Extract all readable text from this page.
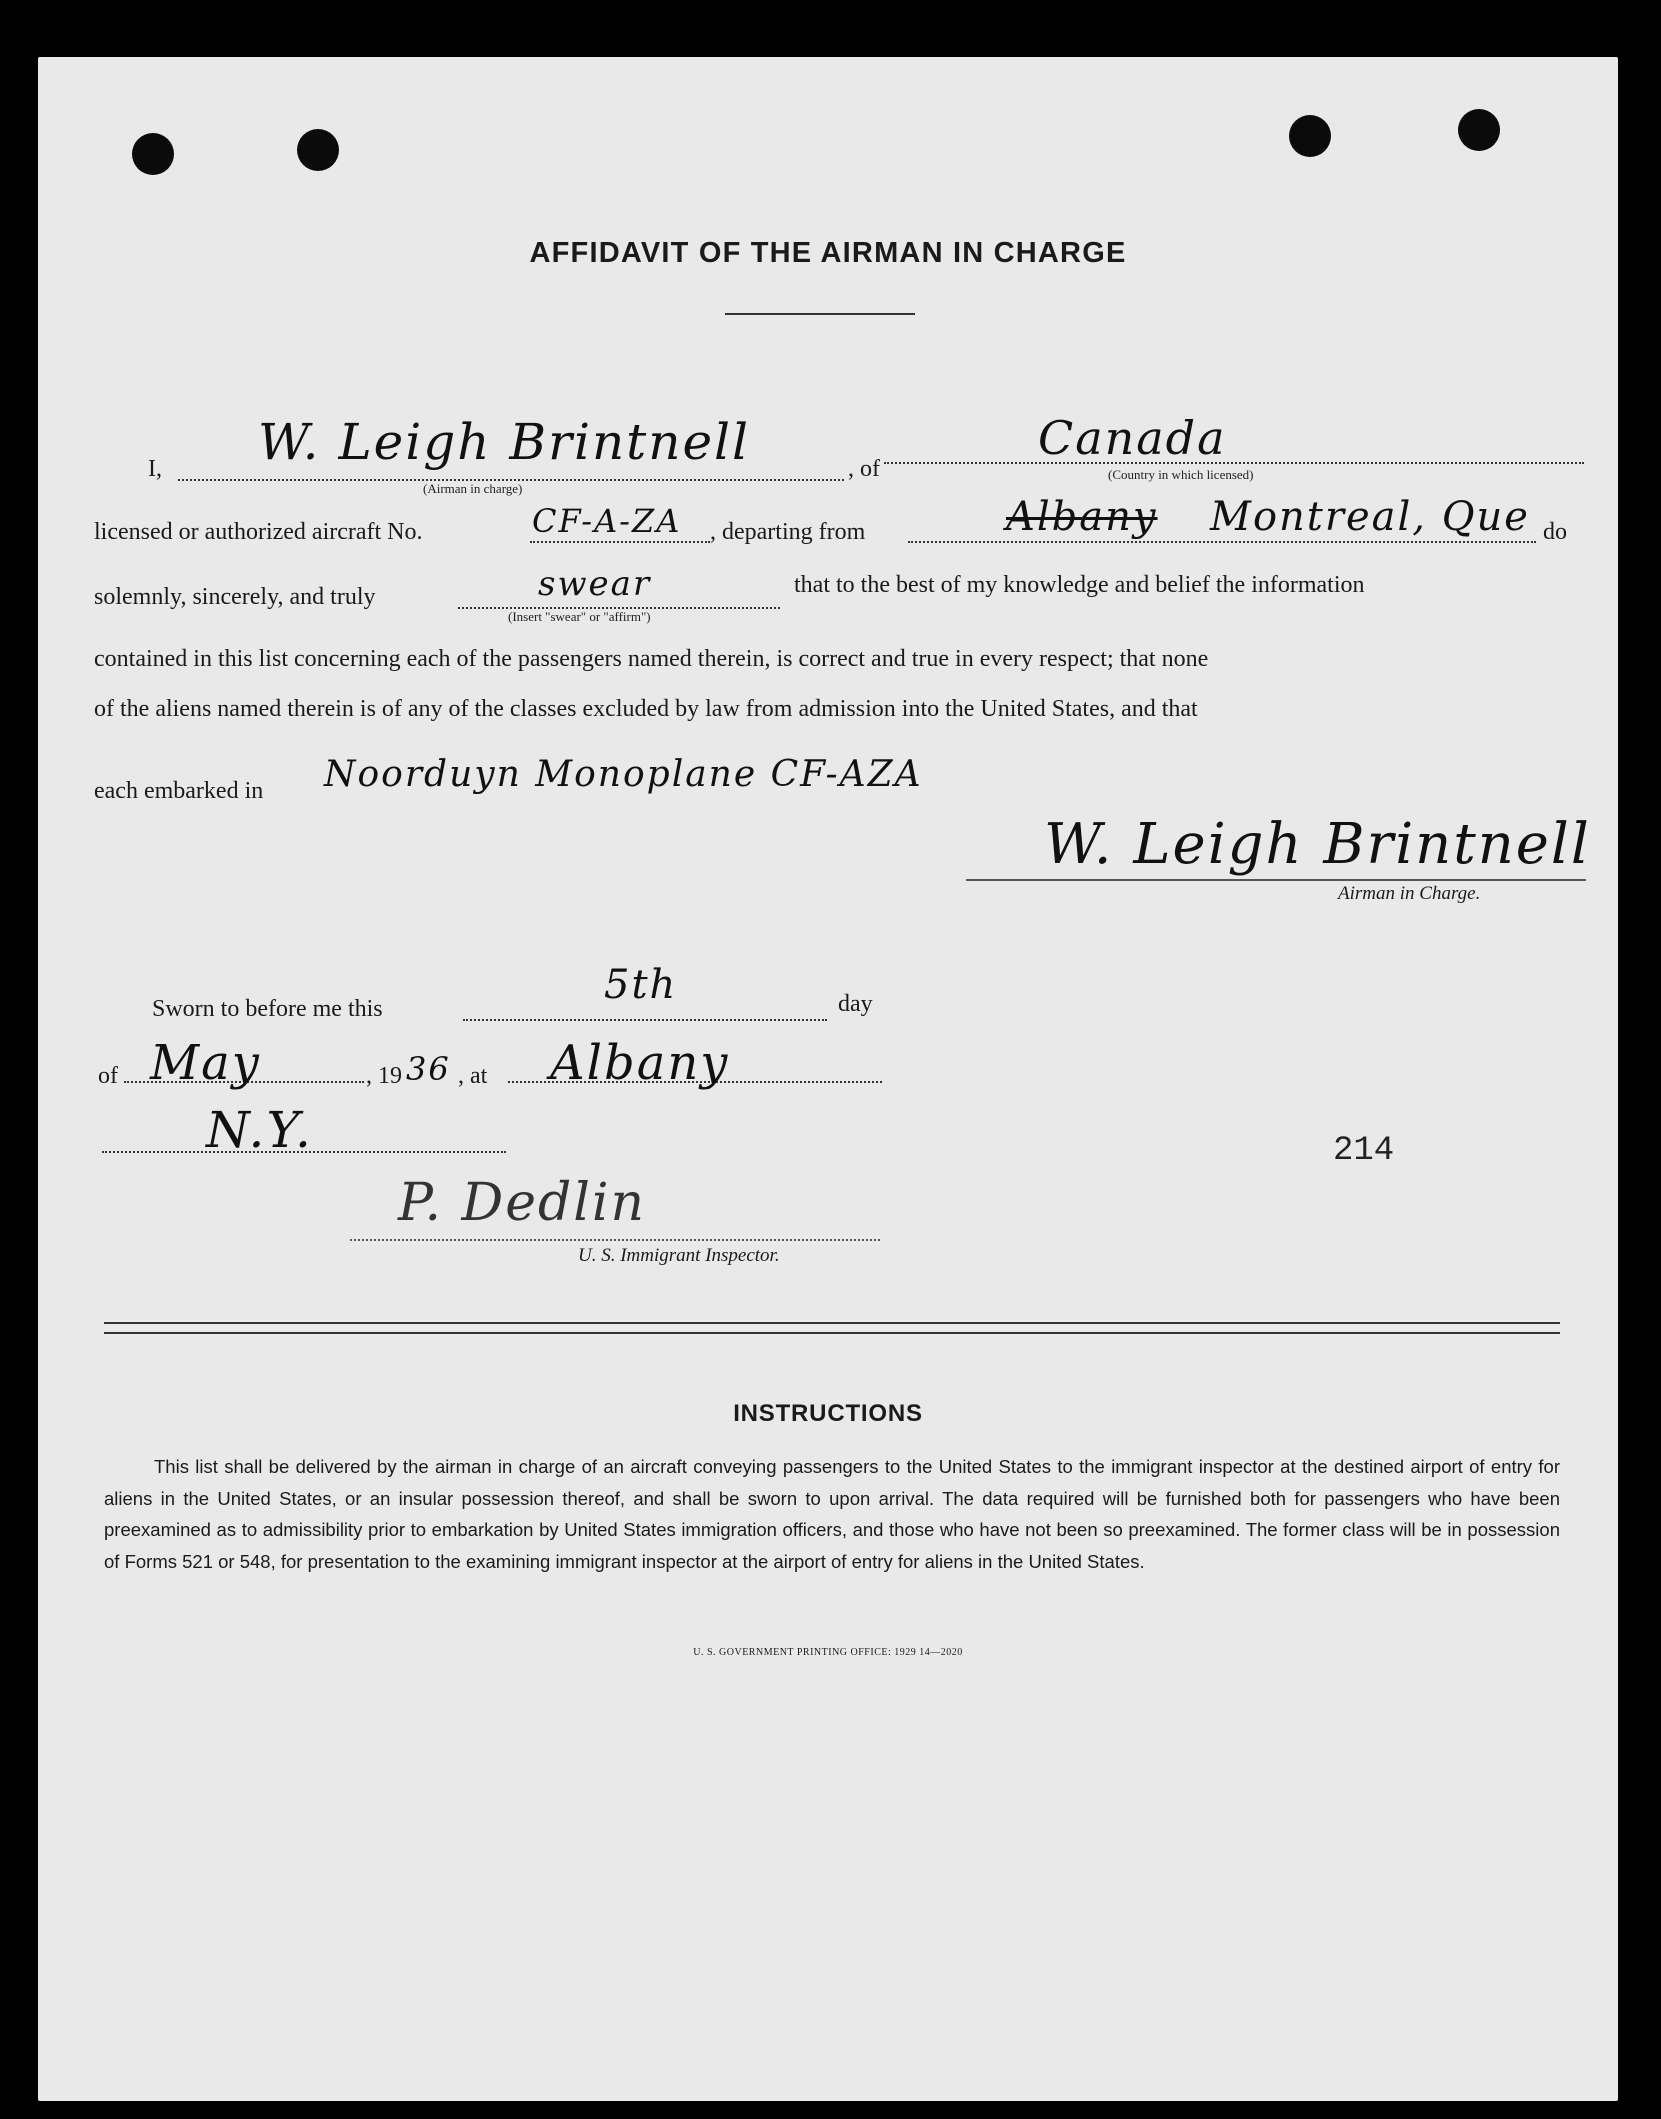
AFFIDAVIT OF THE AIRMAN IN CHARGE
I, W. Leigh Brintnell
(Airman in charge)
, of
Canada
(Country in which licensed)
licensed or authorized aircraft No.	CF-A-ZA , departing from	Albany Montreal, Que do
solemnly, sincerely, and truly	swear
(Insert "swear" or "affirm")
that to the best of my knowledge and belief the information
contained in this list concerning each of the passengers named therein, is correct and true in every respect; that none
of the aliens named therein is of any of the classes excluded by law from admission into the United States, and that
each embarked in Noorduyn Monoplane CF-AZA
W. Leigh Brintnell
Airman in Charge.
Sworn to before me this
5th	day
of May	, 19 36 , at Albany
N.Y.
P. Dedlin
U. S. Immigrant Inspector.
214
INSTRUCTIONS
This list shall be delivered by the airman in charge of an aircraft conveying passengers to the United States to the immigrant inspector at the destined airport of entry for aliens in the United States, or an insular possession thereof, and shall be sworn to upon arrival. The data required will be furnished both for passengers who have been preexamined as to admissibility prior to embarkation by United States immigration officers, and those who have not been so preexamined. The former class will be in possession of Forms 521 or 548, for presentation to the examining immigrant inspector at the airport of entry for aliens in the United States.
U. S. GOVERNMENT PRINTING OFFICE: 1929 14—2020
